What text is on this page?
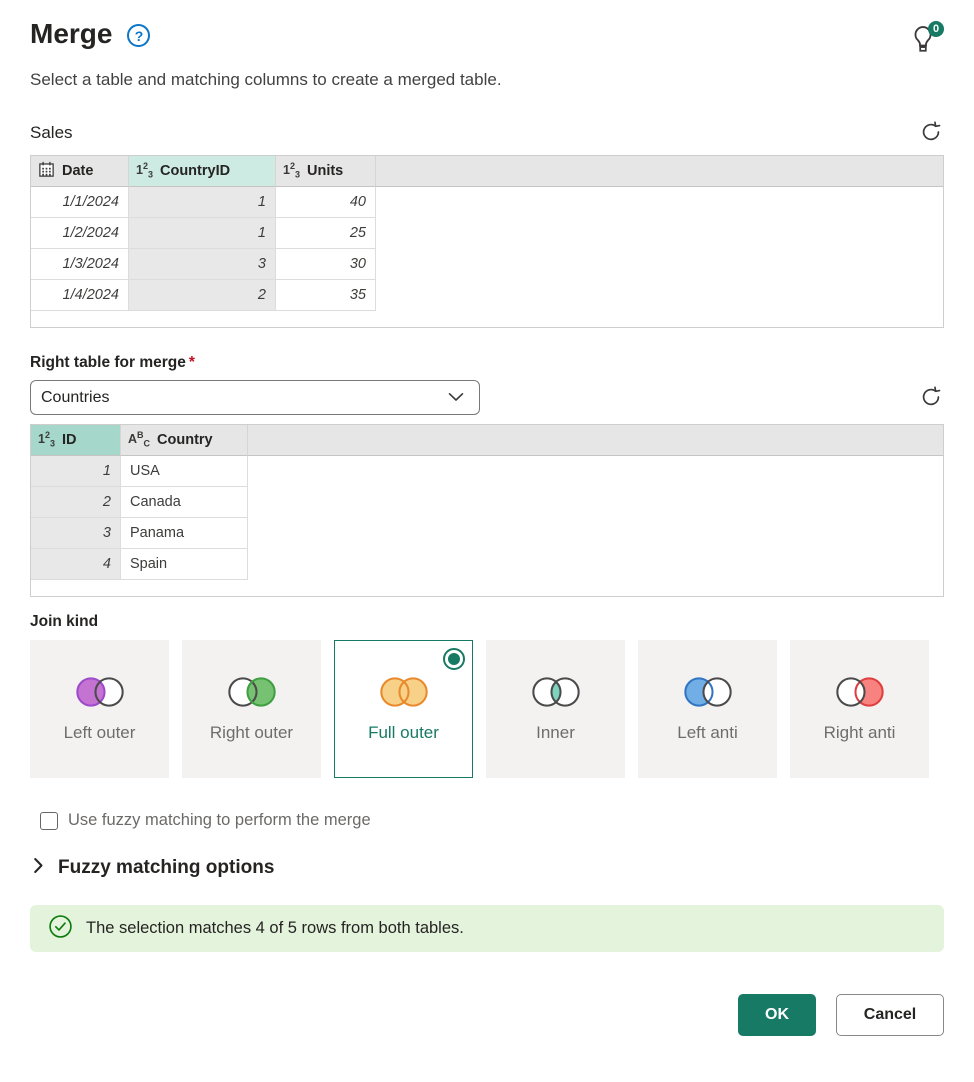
Merge	?	0

Select a table and matching columns to create a merged table.

Sales
Date	$1^2_3$ CountryID	$1^2_3$ Units
1/1/2024	1	40
1/2/2024	1	25
1/3/2024	3	30
1/4/2024	2	35
Right table for merge *
Countries
$1^2_3$ ID	$A^B_C$ Country
1	USA
2	Canada
3	Panama
4	Spain
Join kind
Left outer	Right outer	Full outer	Inner	Left anti	Right anti
Use fuzzy matching to perform the merge
Fuzzy matching options
The selection matches 4 of 5 rows from both tables.
OK	Cancel
